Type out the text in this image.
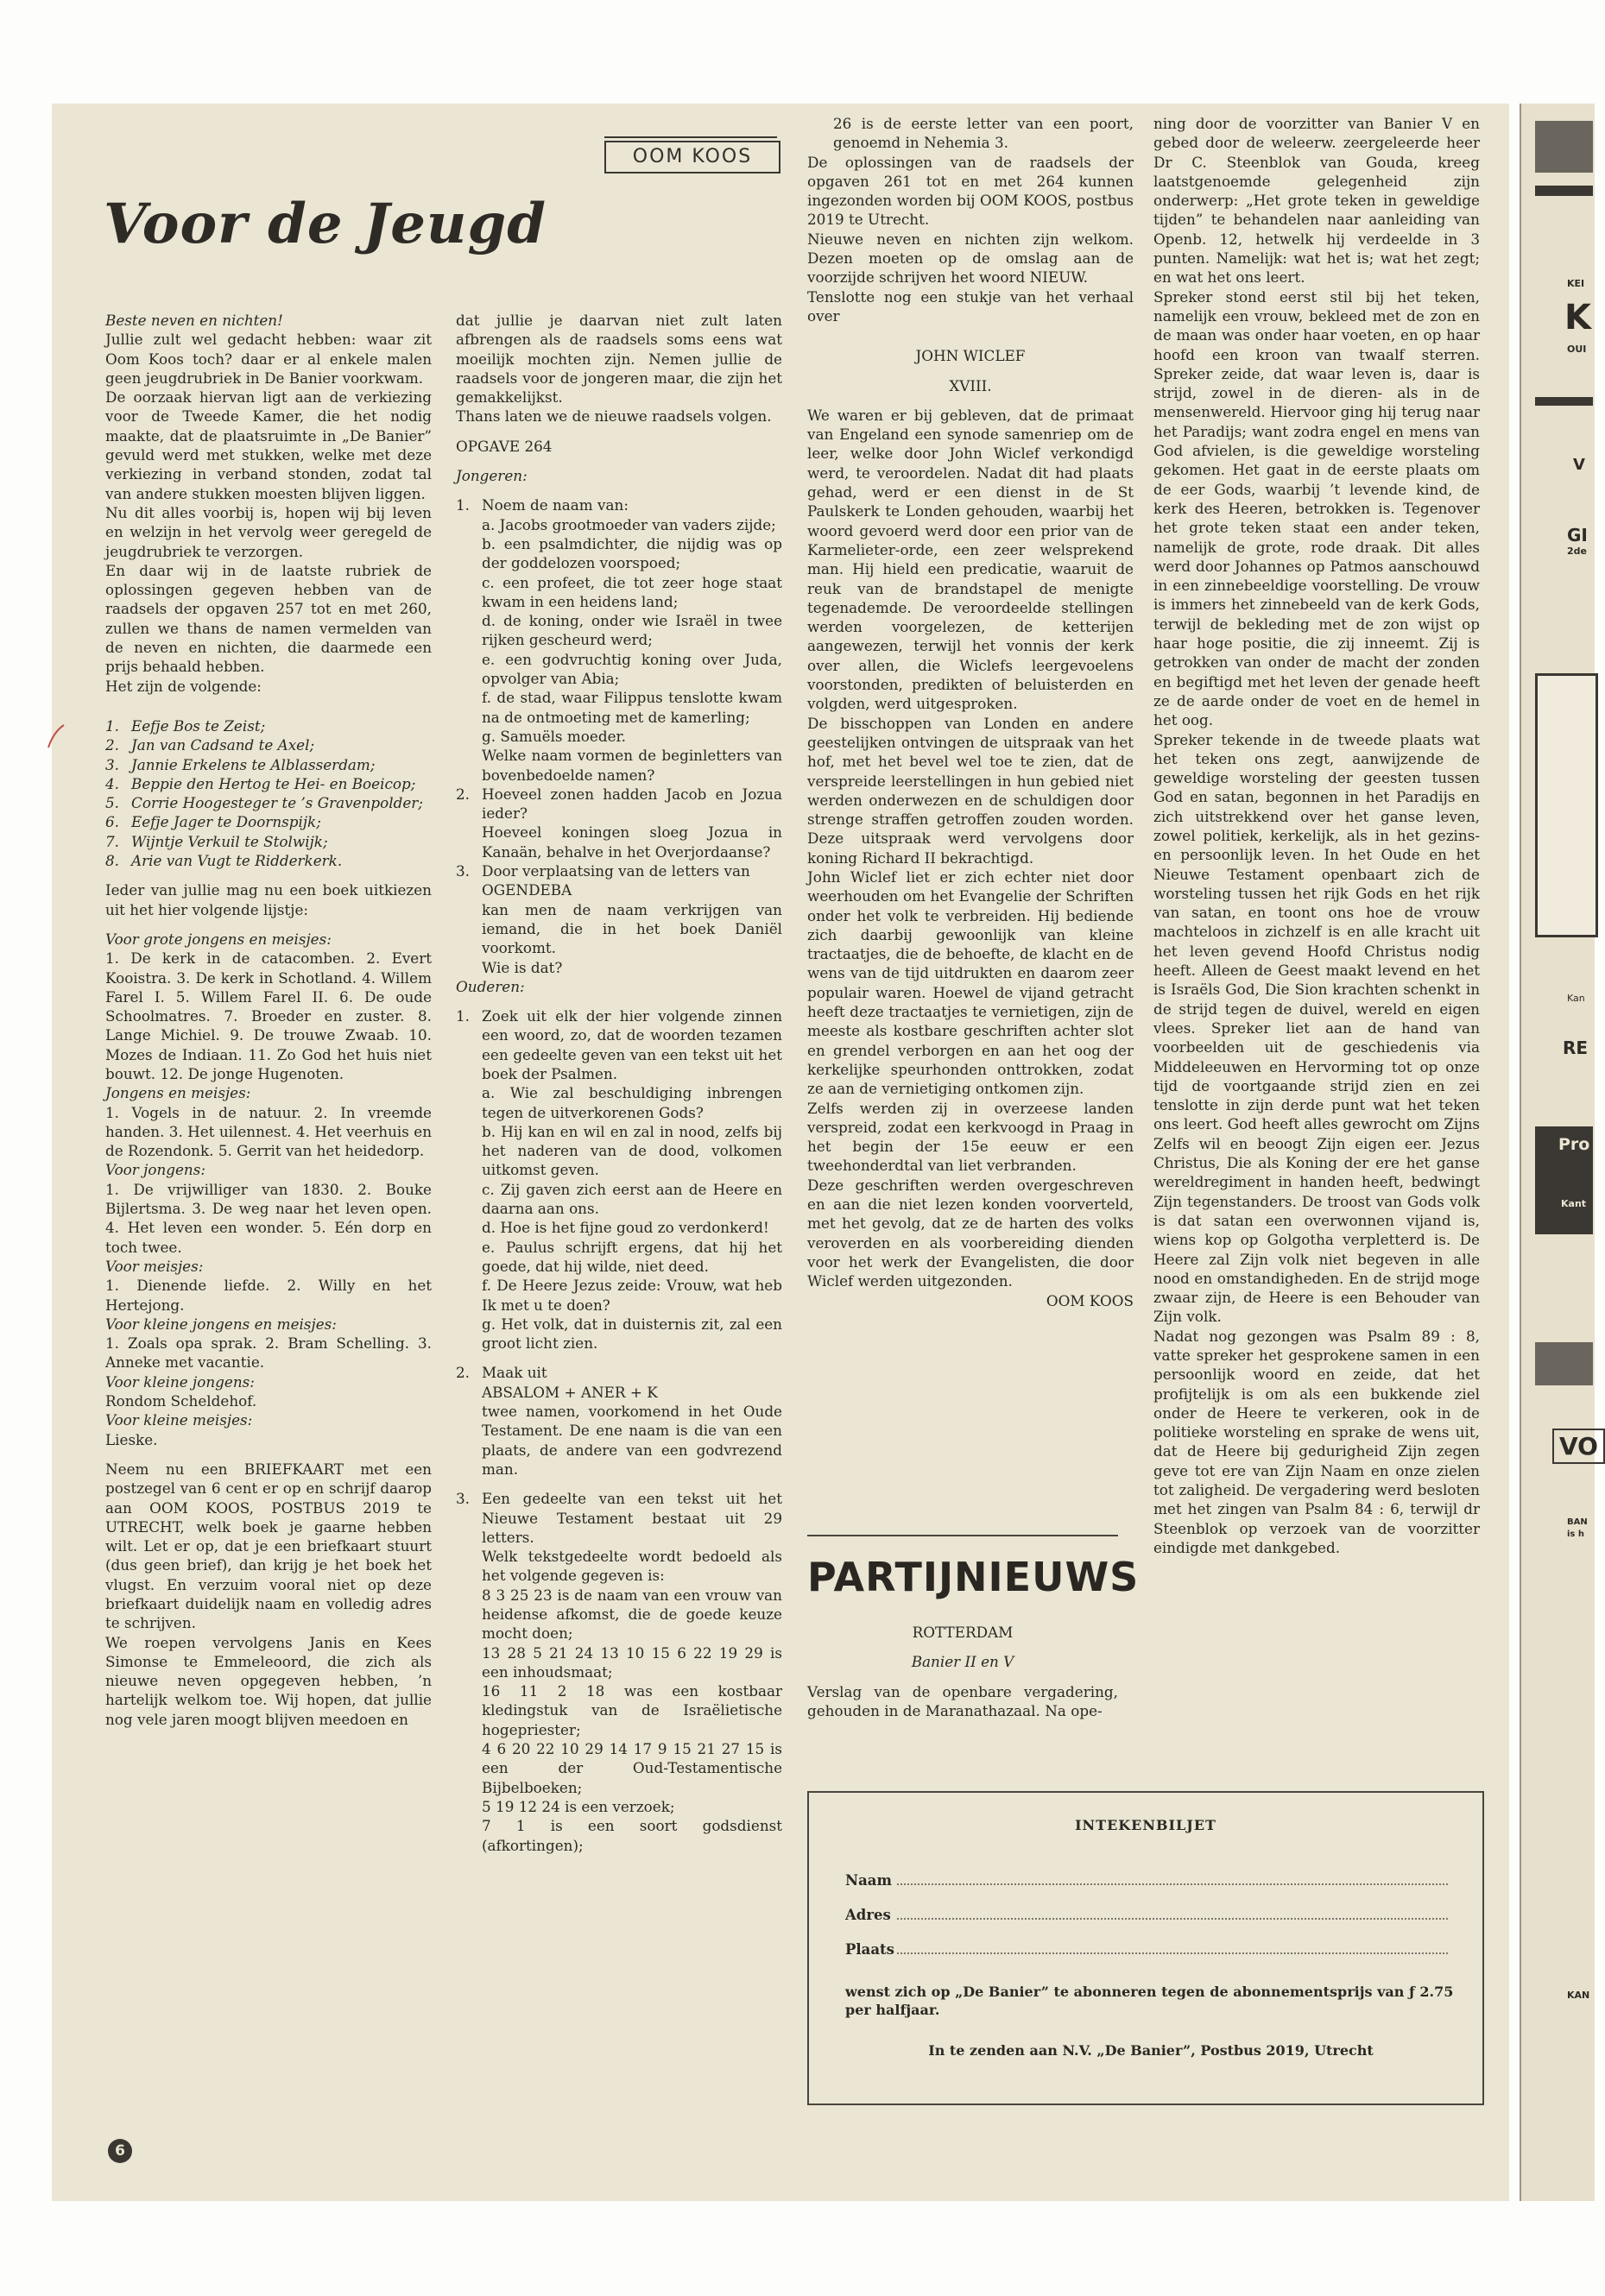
OOM KOOS
Voor de Jeugd

Beste neven en nichten!

Jullie zult wel gedacht hebben: waar zit Oom Koos toch? daar er al enkele malen geen jeugdrubriek in De Banier voorkwam.

De oorzaak hiervan ligt aan de verkiezing voor de Tweede Kamer, die het nodig maakte, dat de plaatsruimte in „De Banier” gevuld werd met stukken, welke met deze verkiezing in verband stonden, zodat tal van andere stukken moesten blijven liggen.

Nu dit alles voorbij is, hopen wij bij leven en welzijn in het vervolg weer geregeld de jeugdrubriek te verzorgen.

En daar wij in de laatste rubriek de oplossingen gegeven hebben van de raadsels der opgaven 257 tot en met 260, zullen we thans de namen vermelden van de neven en nichten, die daarmede een prijs behaald hebben.

Het zijn de volgende:

1. Eefje Bos te Zeist;
2. Jan van Cadsand te Axel;
3. Jannie Erkelens te Alblasserdam;
4. Beppie den Hertog te Hei- en Boeicop;
5. Corrie Hoogesteger te ’s Gravenpolder;
6. Eefje Jager te Doornspijk;
7. Wijntje Verkuil te Stolwijk;
8. Arie van Vugt te Ridderkerk.

Ieder van jullie mag nu een boek uitkiezen uit het hier volgende lijstje:

Voor grote jongens en meisjes:

1. De kerk in de catacomben. 2. Evert Kooistra. 3. De kerk in Schotland. 4. Willem Farel I. 5. Willem Farel II. 6. De oude Schoolmatres. 7. Broeder en zuster. 8. Lange Michiel. 9. De trouwe Zwaab. 10. Mozes de Indiaan. 11. Zo God het huis niet bouwt. 12. De jonge Hugenoten.

Jongens en meisjes:

1. Vogels in de natuur. 2. In vreemde handen. 3. Het uilennest. 4. Het veerhuis en de Rozendonk. 5. Gerrit van het heidedorp.

Voor jongens:

1. De vrijwilliger van 1830. 2. Bouke Bijlertsma. 3. De weg naar het leven open. 4. Het leven een wonder. 5. Eén dorp en toch twee.

Voor meisjes:

1. Dienende liefde. 2. Willy en het Hertejong.

Voor kleine jongens en meisjes:

1. Zoals opa sprak. 2. Bram Schelling. 3. Anneke met vacantie.

Voor kleine jongens:

Rondom Scheldehof.

Voor kleine meisjes:

Lieske.

Neem nu een BRIEFKAART met een postzegel van 6 cent er op en schrijf daarop aan OOM KOOS, POSTBUS 2019 te UTRECHT, welk boek je gaarne hebben wilt. Let er op, dat je een briefkaart stuurt (dus geen brief), dan krijg je het boek het vlugst. En verzuim vooral niet op deze briefkaart duidelijk naam en volledig adres te schrijven.

We roepen vervolgens Janis en Kees Simonse te Emmeleoord, die zich als nieuwe neven opgegeven hebben, ’n hartelijk welkom toe. Wij hopen, dat jullie nog vele jaren moogt blijven meedoen en

dat jullie je daarvan niet zult laten afbrengen als de raadsels soms eens wat moeilijk mochten zijn. Nemen jullie de raadsels voor de jongeren maar, die zijn het gemakkelijkst.

Thans laten we de nieuwe raadsels volgen.

OPGAVE 264

Jongeren:

1. Noem de naam van:

a. Jacobs grootmoeder van vaders zijde;

b. een psalmdichter, die nijdig was op der goddelozen voorspoed;

c. een profeet, die tot zeer hoge staat kwam in een heidens land;

d. de koning, onder wie Israël in twee rijken gescheurd werd;

e. een godvruchtig koning over Juda, opvolger van Abia;

f. de stad, waar Filippus tenslotte kwam na de ontmoeting met de kamerling;

g. Samuëls moeder.

Welke naam vormen de beginletters van bovenbedoelde namen?

2. Hoeveel zonen hadden Jacob en Jozua ieder?

Hoeveel koningen sloeg Jozua in Kanaän, behalve in het Overjordaanse?

3. Door verplaatsing van de letters van

OGENDEBA

kan men de naam verkrijgen van iemand, die in het boek Daniël voorkomt.

Wie is dat?

Ouderen:

1. Zoek uit elk der hier volgende zinnen een woord, zo, dat de woorden tezamen een gedeelte geven van een tekst uit het boek der Psalmen.

a. Wie zal beschuldiging inbrengen tegen de uitverkorenen Gods?

b. Hij kan en wil en zal in nood, zelfs bij het naderen van de dood, volkomen uitkomst geven.

c. Zij gaven zich eerst aan de Heere en daarna aan ons.

d. Hoe is het fijne goud zo verdonkerd!

e. Paulus schrijft ergens, dat hij het goede, dat hij wilde, niet deed.

f. De Heere Jezus zeide: Vrouw, wat heb Ik met u te doen?

g. Het volk, dat in duisternis zit, zal een groot licht zien.

2. Maak uit

ABSALOM + ANER + K

twee namen, voorkomend in het Oude Testament. De ene naam is die van een plaats, de andere van een godvrezend man.

3. Een gedeelte van een tekst uit het Nieuwe Testament bestaat uit 29 letters.

Welk tekstgedeelte wordt bedoeld als het volgende gegeven is:

8 3 25 23 is de naam van een vrouw van heidense afkomst, die de goede keuze mocht doen;

13 28 5 21 24 13 10 15 6 22 19 29 is een inhoudsmaat;

16 11 2 18 was een kostbaar kledingstuk van de Israëlietische hogepriester;

4 6 20 22 10 29 14 17 9 15 21 27 15 is een der Oud-Testamentische Bijbelboeken;

5 19 12 24 is een verzoek;

7 1 is een soort godsdienst (afkortingen);

26 is de eerste letter van een poort, genoemd in Nehemia 3.

De oplossingen van de raadsels der opgaven 261 tot en met 264 kunnen ingezonden worden bij OOM KOOS, postbus 2019 te Utrecht.

Nieuwe neven en nichten zijn welkom. Dezen moeten op de omslag aan de voorzijde schrijven het woord NIEUW.

Tenslotte nog een stukje van het verhaal over

JOHN WICLEF

XVIII.

We waren er bij gebleven, dat de primaat van Engeland een synode samenriep om de leer, welke door John Wiclef verkondigd werd, te veroordelen. Nadat dit had plaats gehad, werd er een dienst in de St Paulskerk te Londen gehouden, waarbij het woord gevoerd werd door een prior van de Karmelieter-orde, een zeer welsprekend man. Hij hield een predicatie, waaruit de reuk van de brandstapel de menigte tegenademde. De veroordeelde stellingen werden voorgelezen, de ketterijen aangewezen, terwijl het vonnis der kerk over allen, die Wiclefs leergevoelens voorstonden, predikten of beluisterden en volgden, werd uitgesproken.

De bisschoppen van Londen en andere geestelijken ontvingen de uitspraak van het hof, met het bevel wel toe te zien, dat de verspreide leerstellingen in hun gebied niet werden onderwezen en de schuldigen door strenge straffen getroffen zouden worden. Deze uitspraak werd vervolgens door koning Richard II bekrachtigd.

John Wiclef liet er zich echter niet door weerhouden om het Evangelie der Schriften onder het volk te verbreiden. Hij bediende zich daarbij gewoonlijk van kleine tractaatjes, die de behoefte, de klacht en de wens van de tijd uitdrukten en daarom zeer populair waren. Hoewel de vijand getracht heeft deze tractaatjes te vernietigen, zijn de meeste als kostbare geschriften achter slot en grendel verborgen en aan het oog der kerkelijke speurhonden onttrokken, zodat ze aan de vernietiging ontkomen zijn.

Zelfs werden zij in overzeese landen verspreid, zodat een kerkvoogd in Praag in het begin der 15e eeuw er een tweehonderdtal van liet verbranden.

Deze geschriften werden overgeschreven en aan die niet lezen konden voorverteld, met het gevolg, dat ze de harten des volks veroverden en als voorbereiding dienden voor het werk der Evangelisten, die door Wiclef werden uitgezonden.

OOM KOOS

PARTIJNIEUWS

ROTTERDAM

Banier II en V

Verslag van de openbare vergadering, gehouden in de Maranathazaal. Na ope-

ning door de voorzitter van Banier V en gebed door de weleerw. zeergeleerde heer Dr C. Steenblok van Gouda, kreeg laatstgenoemde gelegenheid zijn onderwerp: „Het grote teken in geweldige tijden” te behandelen naar aanleiding van Openb. 12, hetwelk hij verdeelde in 3 punten. Namelijk: wat het is; wat het zegt; en wat het ons leert.

Spreker stond eerst stil bij het teken, namelijk een vrouw, bekleed met de zon en de maan was onder haar voeten, en op haar hoofd een kroon van twaalf sterren. Spreker zeide, dat waar leven is, daar is strijd, zowel in de dieren- als in de mensenwereld. Hiervoor ging hij terug naar het Paradijs; want zodra engel en mens van God afvielen, is die geweldige worsteling gekomen. Het gaat in de eerste plaats om de eer Gods, waarbij ’t levende kind, de kerk des Heeren, betrokken is. Tegenover het grote teken staat een ander teken, namelijk de grote, rode draak. Dit alles werd door Johannes op Patmos aanschouwd in een zinnebeeldige voorstelling. De vrouw is immers het zinnebeeld van de kerk Gods, terwijl de bekleding met de zon wijst op haar hoge positie, die zij inneemt. Zij is getrokken van onder de macht der zonden en begiftigd met het leven der genade heeft ze de aarde onder de voet en de hemel in het oog.

Spreker tekende in de tweede plaats wat het teken ons zegt, aanwijzende de geweldige worsteling der geesten tussen God en satan, begonnen in het Paradijs en zich uitstrekkend over het ganse leven, zowel politiek, kerkelijk, als in het gezins- en persoonlijk leven. In het Oude en het Nieuwe Testament openbaart zich de worsteling tussen het rijk Gods en het rijk van satan, en toont ons hoe de vrouw machteloos in zichzelf is en alle kracht uit het leven gevend Hoofd Christus nodig heeft. Alleen de Geest maakt levend en het is Israëls God, Die Sion krachten schenkt in de strijd tegen de duivel, wereld en eigen vlees. Spreker liet aan de hand van voorbeelden uit de geschiedenis via Middeleeuwen en Hervorming tot op onze tijd de voortgaande strijd zien en zei tenslotte in zijn derde punt wat het teken ons leert. God heeft alles gewrocht om Zijns Zelfs wil en beoogt Zijn eigen eer. Jezus Christus, Die als Koning der ere het ganse wereldregiment in handen heeft, bedwingt Zijn tegenstanders. De troost van Gods volk is dat satan een overwonnen vijand is, wiens kop op Golgotha verpletterd is. De Heere zal Zijn volk niet begeven in alle nood en omstandigheden. En de strijd moge zwaar zijn, de Heere is een Behouder van Zijn volk.

Nadat nog gezongen was Psalm 89 : 8, vatte spreker het gesprokene samen in een persoonlijk woord en zeide, dat het profijtelijk is om als een bukkende ziel onder de Heere te verkeren, ook in de politieke worsteling en sprake de wens uit, dat de Heere bij gedurigheid Zijn zegen geve tot ere van Zijn Naam en onze zielen tot zaligheid. De vergadering werd besloten met het zingen van Psalm 84 : 6, terwijl dr Steenblok op verzoek van de voorzitter eindigde met dankgebed.

INTEKENBILJET
Naam
Adres
Plaats
wenst zich op „De Banier” te abonneren tegen de abonnementsprijs van ƒ 2.75 per halfjaar.
In te zenden aan N.V. „De Banier”, Postbus 2019, Utrecht
6
KEI
K
OUI
V
GI
2de
Kan
RE
Pro
Kant
VO
BAN
is h
KAN
